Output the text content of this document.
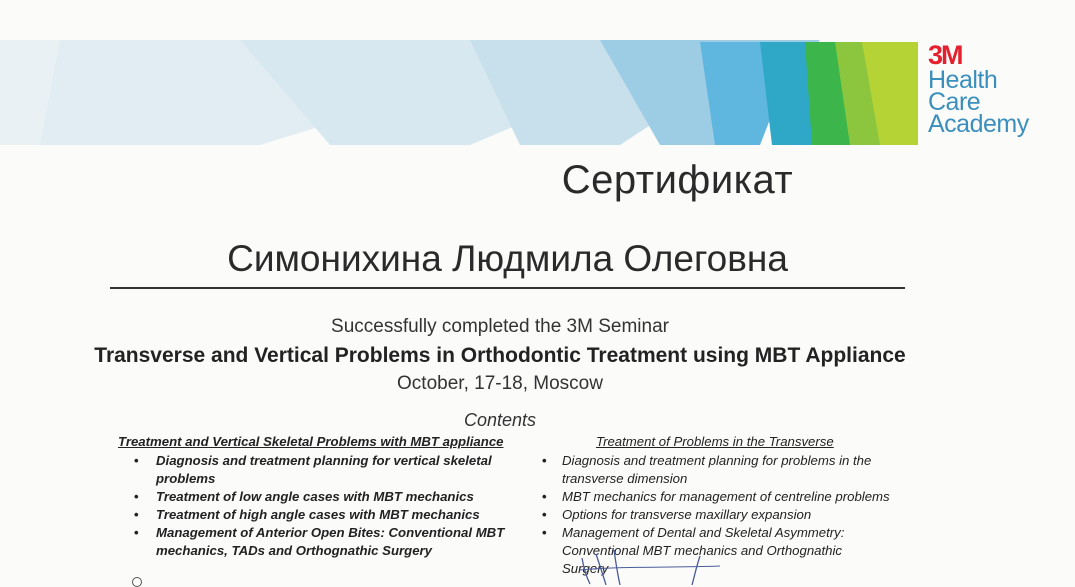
3M
Health
Care
Academy
Сертификат
Симонихина Людмила Олеговна
Successfully completed the 3M Seminar
Transverse and Vertical Problems in Orthodontic Treatment using MBT Appliance
October, 17-18, Moscow
Contents
Treatment and Vertical Skeletal Problems with MBT appliance
• Diagnosis and treatment planning for vertical skeletal problems
• Treatment of low angle cases with MBT mechanics
• Treatment of high angle cases with MBT mechanics
• Management of Anterior Open Bites: Conventional MBT mechanics, TADs and Orthognathic Surgery
Treatment of Problems in the Transverse
• Diagnosis and treatment planning for problems in the transverse dimension
• MBT mechanics for management of centreline problems
• Options for transverse maxillary expansion
• Management of Dental and Skeletal Asymmetry: Conventional MBT mechanics and Orthognathic Surgery
